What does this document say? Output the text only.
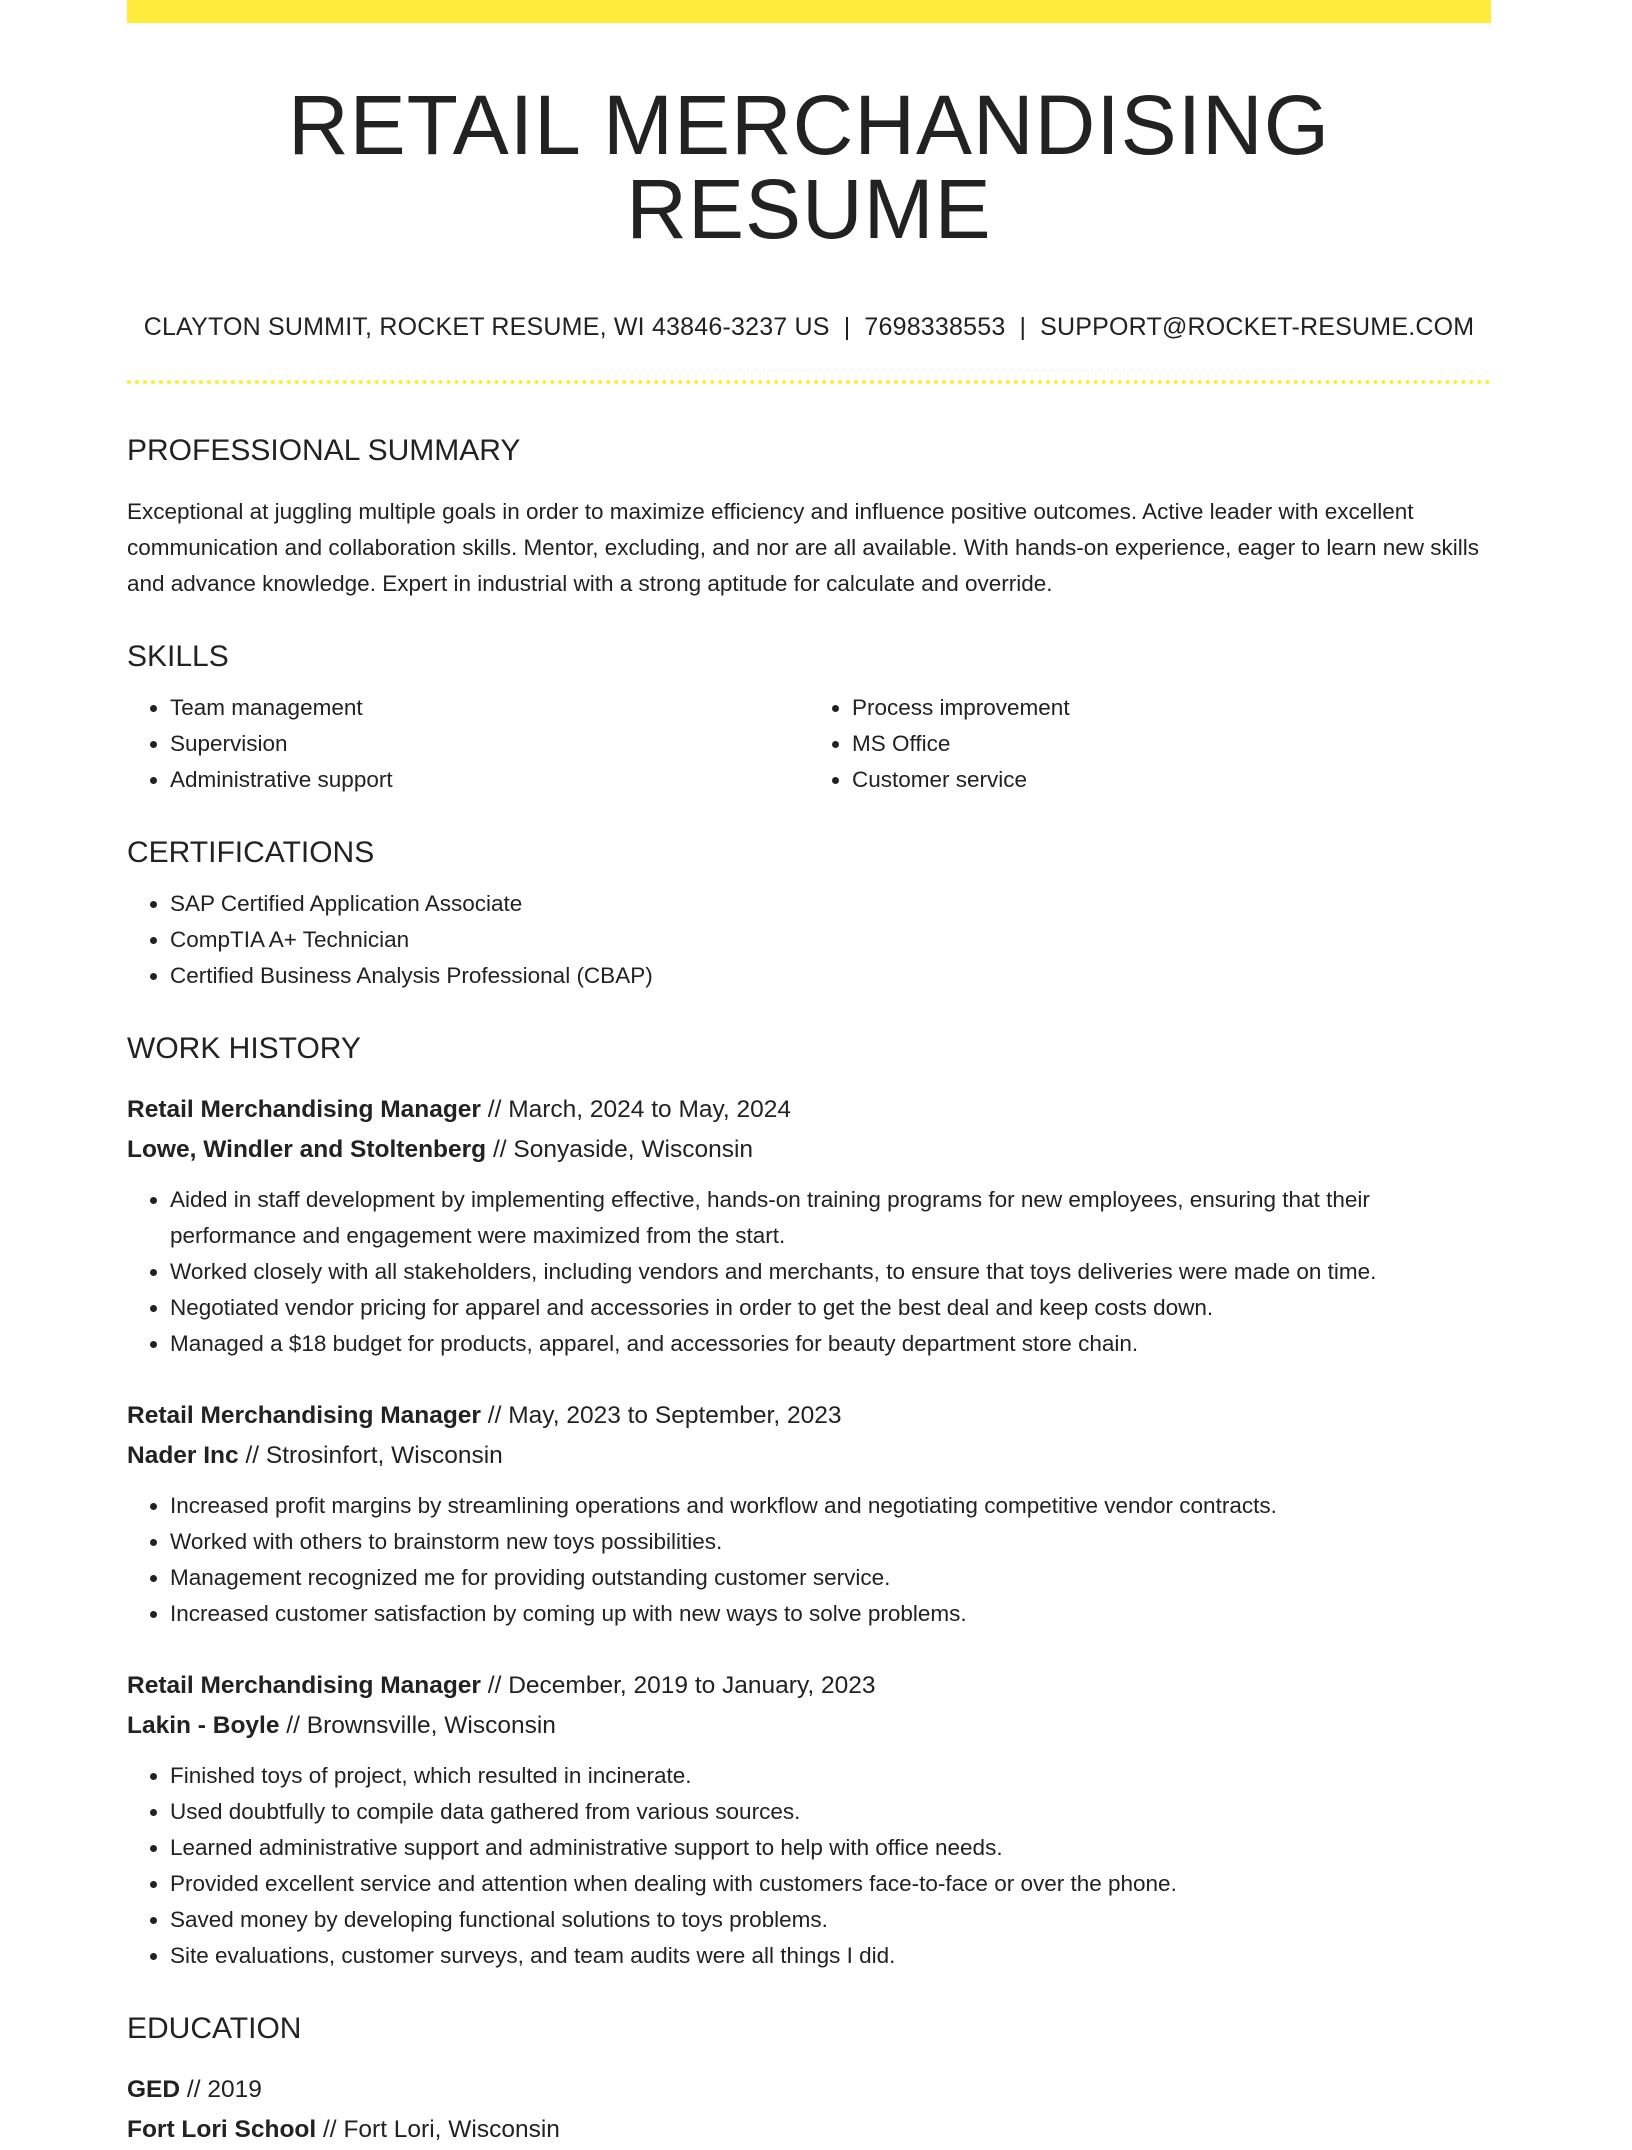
RETAIL MERCHANDISING RESUME
CLAYTON SUMMIT, ROCKET RESUME, WI 43846-3237 US | 7698338553 | SUPPORT@ROCKET-RESUME.COM
PROFESSIONAL SUMMARY

Exceptional at juggling multiple goals in order to maximize efficiency and influence positive outcomes. Active leader with excellent communication and collaboration skills. Mentor, excluding, and nor are all available. With hands-on experience, eager to learn new skills and advance knowledge. Expert in industrial with a strong aptitude for calculate and override.

SKILLS
• Team management
• Supervision
• Administrative support
• Process improvement
• MS Office
• Customer service
CERTIFICATIONS
• SAP Certified Application Associate
• CompTIA A+ Technician
• Certified Business Analysis Professional (CBAP)
WORK HISTORY
Retail Merchandising Manager // March, 2024 to May, 2024
Lowe, Windler and Stoltenberg // Sonyaside, Wisconsin
• Aided in staff development by implementing effective, hands-on training programs for new employees, ensuring that their performance and engagement were maximized from the start.
• Worked closely with all stakeholders, including vendors and merchants, to ensure that toys deliveries were made on time.
• Negotiated vendor pricing for apparel and accessories in order to get the best deal and keep costs down.
• Managed a $18 budget for products, apparel, and accessories for beauty department store chain.
Retail Merchandising Manager // May, 2023 to September, 2023
Nader Inc // Strosinfort, Wisconsin
• Increased profit margins by streamlining operations and workflow and negotiating competitive vendor contracts.
• Worked with others to brainstorm new toys possibilities.
• Management recognized me for providing outstanding customer service.
• Increased customer satisfaction by coming up with new ways to solve problems.
Retail Merchandising Manager // December, 2019 to January, 2023
Lakin - Boyle // Brownsville, Wisconsin
• Finished toys of project, which resulted in incinerate.
• Used doubtfully to compile data gathered from various sources.
• Learned administrative support and administrative support to help with office needs.
• Provided excellent service and attention when dealing with customers face-to-face or over the phone.
• Saved money by developing functional solutions to toys problems.
• Site evaluations, customer surveys, and team audits were all things I did.
EDUCATION
GED // 2019
Fort Lori School // Fort Lori, Wisconsin
